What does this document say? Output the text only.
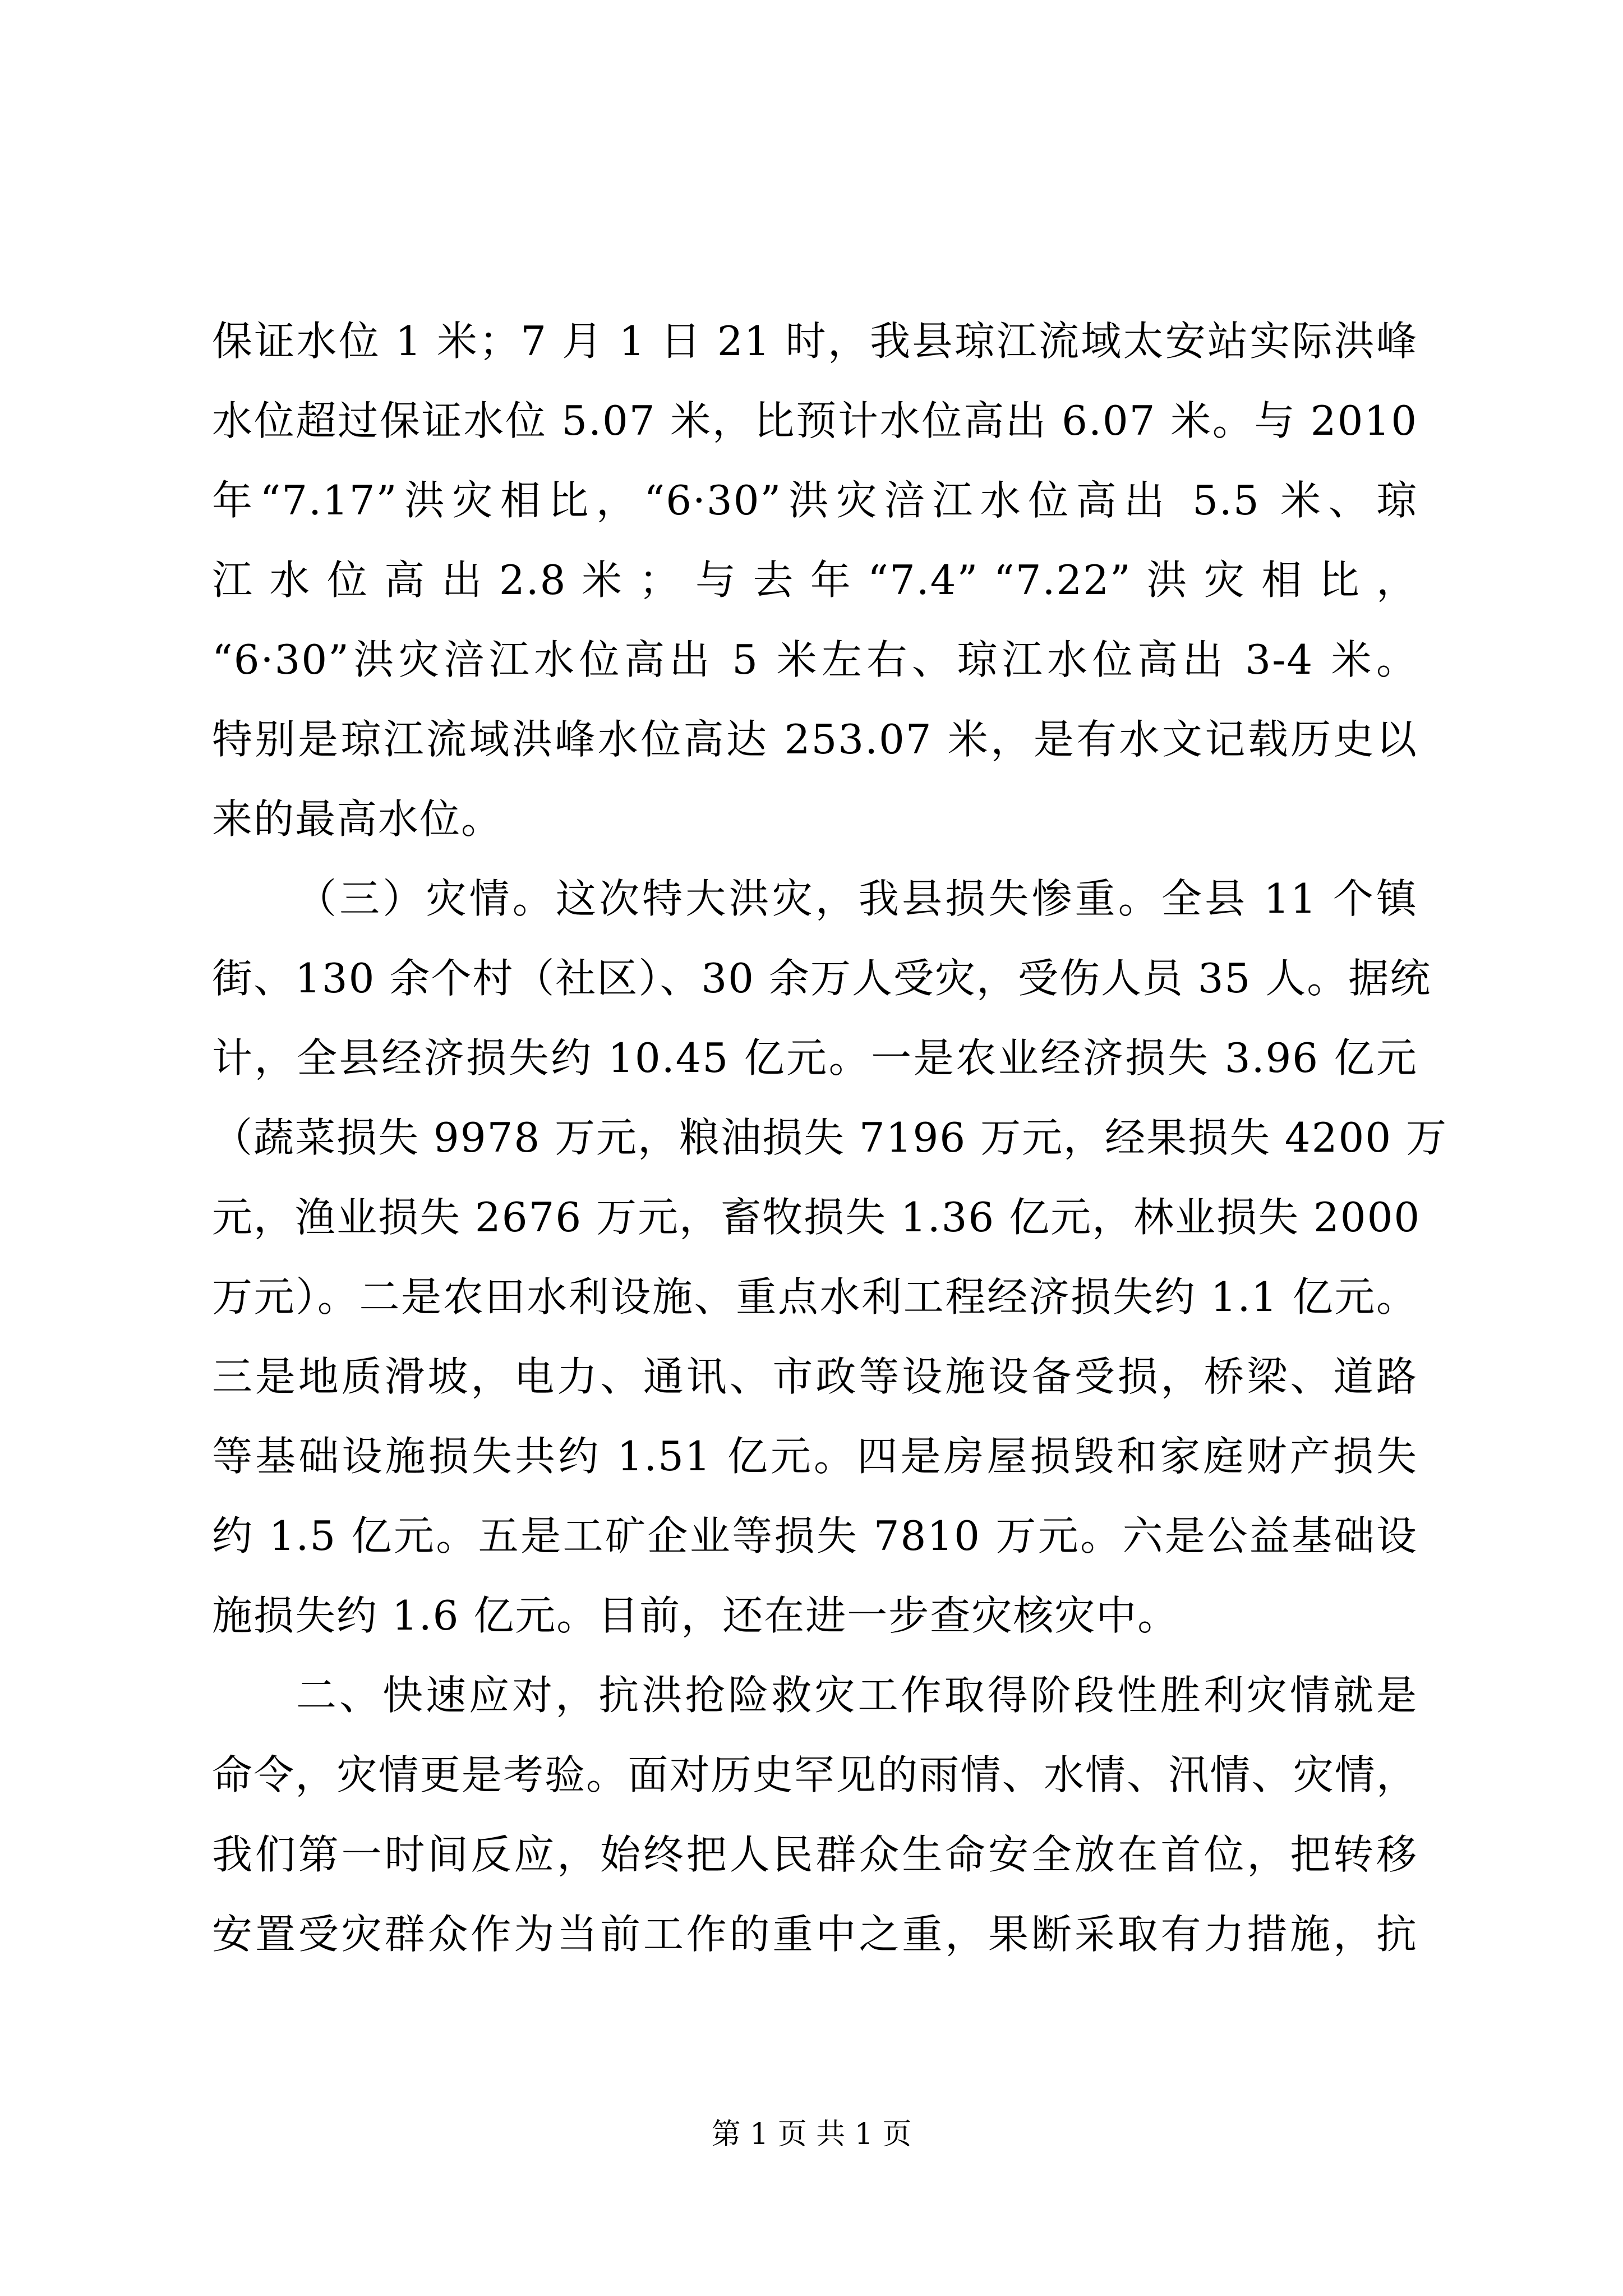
保证水位 1 米；7 月 1 日 21 时，我县琼江流域太安站实际洪峰
水位超过保证水位 5.07 米，比预计水位高出 6.07 米。与 2010
年“7.17”洪灾相比，“6·30”洪灾涪江水位高出 5.5 米、琼
江 水 位 高 出 2.8 米 ； 与 去 年 “7.4” “7.22” 洪 灾 相 比 ，
“6·30”洪灾涪江水位高出 5 米左右、琼江水位高出 3-4 米。
特别是琼江流域洪峰水位高达 253.07 米，是有水文记载历史以
来的最高水位。
（三）灾情。这次特大洪灾，我县损失惨重。全县 11 个镇
街、130 余个村（社区）、30 余万人受灾，受伤人员 35 人。据统
计，全县经济损失约 10.45 亿元。一是农业经济损失 3.96 亿元
（蔬菜损失 9978 万元，粮油损失 7196 万元，经果损失 4200 万
元，渔业损失 2676 万元，畜牧损失 1.36 亿元，林业损失 2000
万元）。二是农田水利设施、重点水利工程经济损失约 1.1 亿元。
三是地质滑坡，电力、通讯、市政等设施设备受损，桥梁、道路
等基础设施损失共约 1.51 亿元。四是房屋损毁和家庭财产损失
约 1.5 亿元。五是工矿企业等损失 7810 万元。六是公益基础设
施损失约 1.6 亿元。目前，还在进一步查灾核灾中。
二、快速应对，抗洪抢险救灾工作取得阶段性胜利灾情就是
命令，灾情更是考验。面对历史罕见的雨情、水情、汛情、灾情，
我们第一时间反应，始终把人民群众生命安全放在首位，把转移
安置受灾群众作为当前工作的重中之重，果断采取有力措施，抗
第 1 页 共 1 页
